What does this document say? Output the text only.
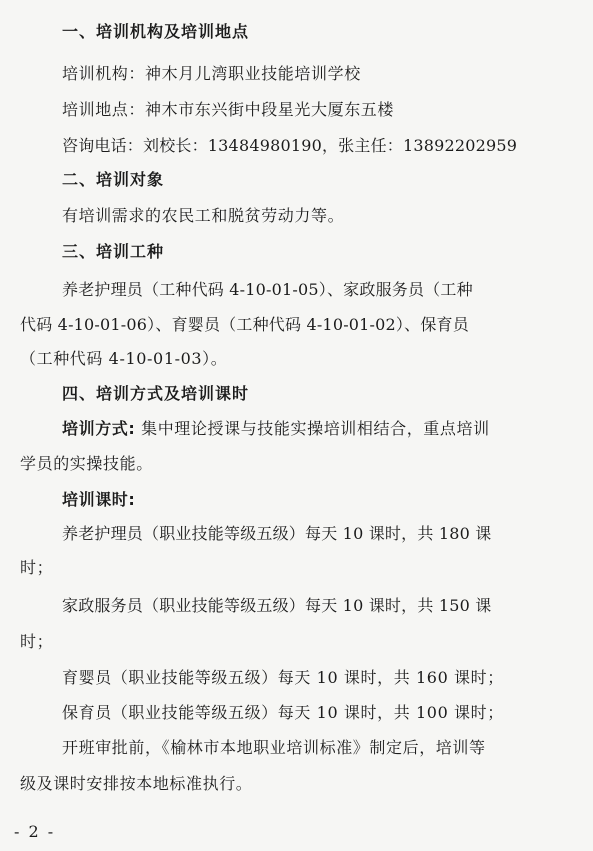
一、培训机构及培训地点
培训机构：神木月儿湾职业技能培训学校
培训地点：神木市东兴街中段星光大厦东五楼
咨询电话：刘校长：13484980190，张主任：13892202959
二、培训对象
有培训需求的农民工和脱贫劳动力等。
三、培训工种
养老护理员（工种代码 4-10-01-05）、家政服务员（工种
代码 4-10-01-06）、育婴员（工种代码 4-10-01-02）、保育员
（工种代码 4-10-01-03）。
四、培训方式及培训课时
培训方式: 集中理论授课与技能实操培训相结合，重点培训
学员的实操技能。
培训课时:
养老护理员（职业技能等级五级）每天 10 课时，共 180 课
时；
家政服务员（职业技能等级五级）每天 10 课时，共 150 课
时；
育婴员（职业技能等级五级）每天 10 课时，共 160 课时；
保育员（职业技能等级五级）每天 10 课时，共 100 课时；
开班审批前，《榆林市本地职业培训标准》制定后，培训等
级及课时安排按本地标准执行。
- 2 -
